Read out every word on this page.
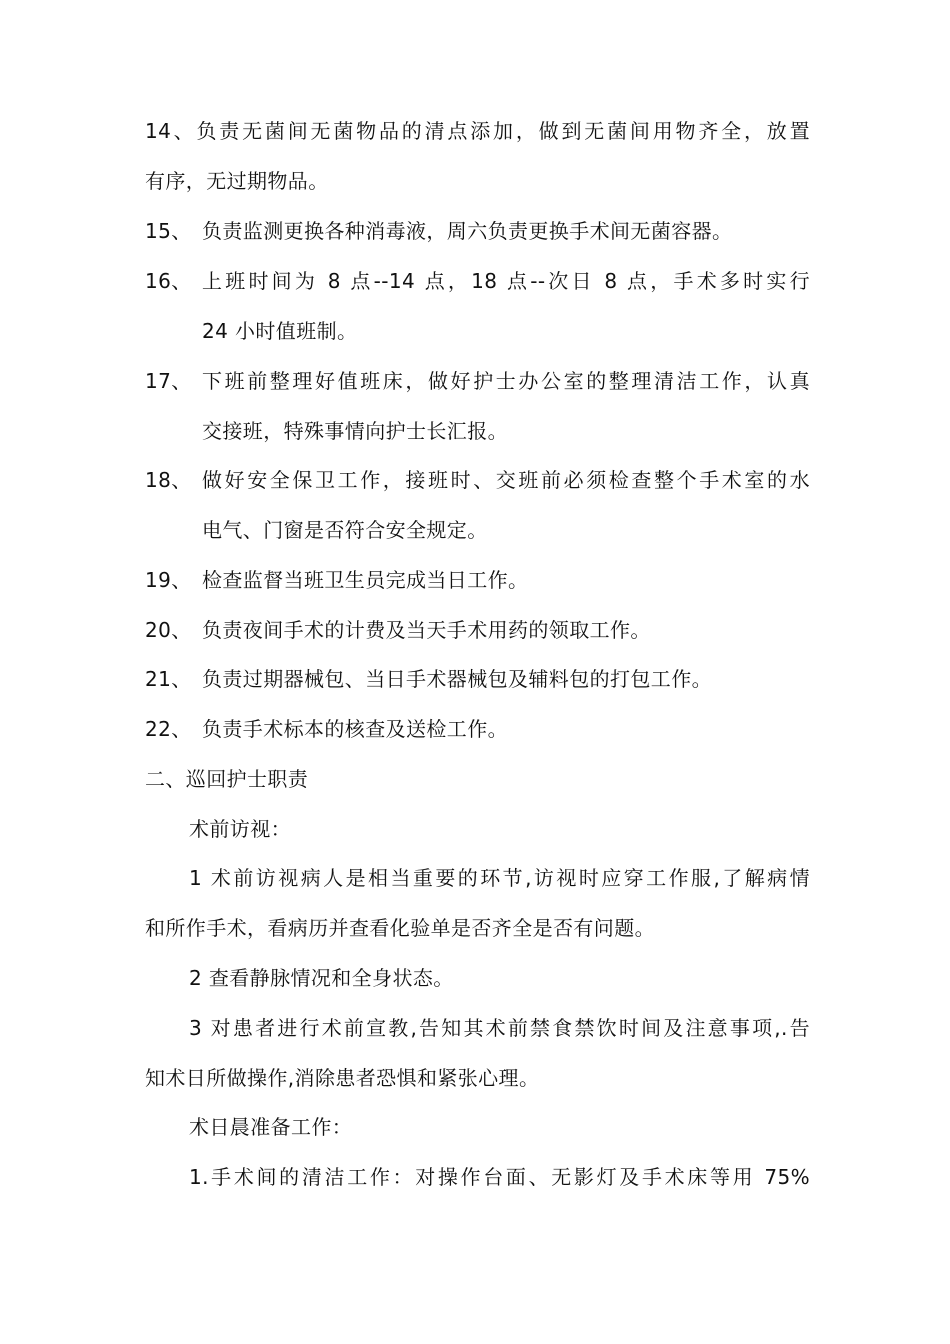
14、负责无菌间无菌物品的清点添加，做到无菌间用物齐全，放置
有序，无过期物品。
15、 负责监测更换各种消毒液，周六负责更换手术间无菌容器。
16、 上班时间为 8 点--14 点，18 点--次日 8 点，手术多时实行
24 小时值班制。
17、 下班前整理好值班床，做好护士办公室的整理清洁工作，认真
交接班，特殊事情向护士长汇报。
18、 做好安全保卫工作，接班时、交班前必须检查整个手术室的水
电气、门窗是否符合安全规定。
19、 检查监督当班卫生员完成当日工作。
20、 负责夜间手术的计费及当天手术用药的领取工作。
21、 负责过期器械包、当日手术器械包及辅料包的打包工作。
22、 负责手术标本的核查及送检工作。
二、巡回护士职责
术前访视：
1 术前访视病人是相当重要的环节,访视时应穿工作服,了解病情
和所作手术，看病历并查看化验单是否齐全是否有问题。
2 查看静脉情况和全身状态。
3 对患者进行术前宣教,告知其术前禁食禁饮时间及注意事项,.告
知术日所做操作,消除患者恐惧和紧张心理。
术日晨准备工作：
1.手术间的清洁工作：对操作台面、无影灯及手术床等用 75%
